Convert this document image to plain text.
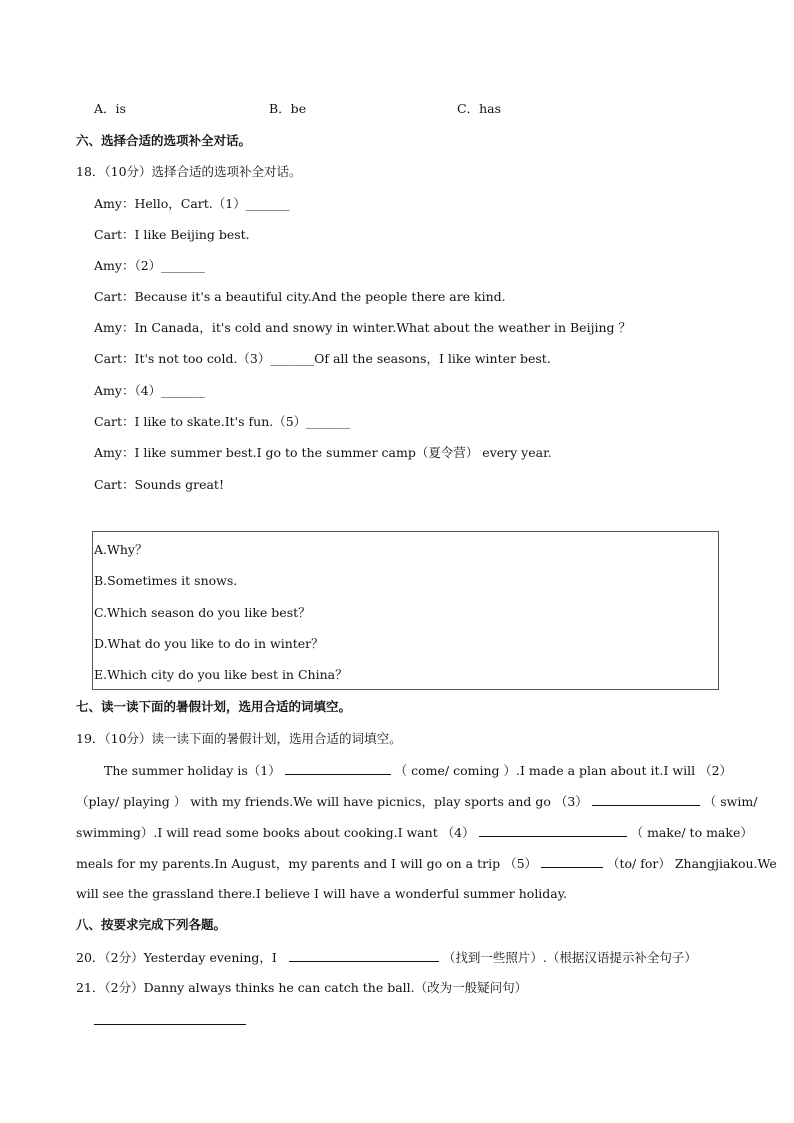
A．is	B．be	C．has
六、选择合适的选项补全对话。
18．（10分）选择合适的选项补全对话。
Amy：Hello，Cart.（1）_______
Cart：I like Beijing best.
Amy：（2）_______
Cart：Because it's a beautiful city.And the people there are kind.
Amy：In Canada，it's cold and snowy in winter.What about the weather in Beijing ？
Cart：It's not too cold.（3）_______Of all the seasons，I like winter best.
Amy：（4）_______
Cart：I like to skate.It's fun.（5）_______
Amy：I like summer best.I go to the summer camp（夏令营） every year.
Cart：Sounds great!
A.Why？
B.Sometimes it snows.
C.Which season do you like best？
D.What do you like to do in winter？
E.Which city do you like best in China？
七、读一读下面的暑假计划，选用合适的词填空。
19．（10分）读一读下面的暑假计划，选用合适的词填空。
The summer holiday is（1）	（ come/ coming ）.I made a plan about it.I will （2）
（play/ playing ） with my friends.We will have picnics，play sports and go （3）	（ swim/
swimming）.I will read some books about cooking.I want （4）	（ make/ to make）
meals for my parents.In August，my parents and I will go on a trip （5）	（to/ for） Zhangjiakou.We
will see the grassland there.I believe I will have a wonderful summer holiday.
八、按要求完成下列各题。
20．（2分）Yesterday evening，I	（找到一些照片）.（根据汉语提示补全句子）
21．（2分）Danny always thinks he can catch the ball.（改为一般疑问句）
